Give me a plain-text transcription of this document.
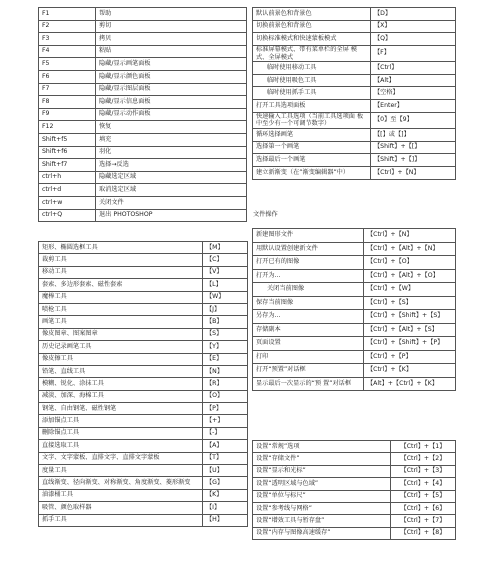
F1	帮助
F2	剪切
F3	拷贝
F4	粘贴
F5	隐藏/显示画笔面板
F6	隐藏/显示颜色面板
F7	隐藏/显示图层面板
F8	隐藏/显示信息面板
F9	隐藏/显示动作面板
F12	恢复
Shift+f5	填充
Shift+f6	羽化
Shift+f7	选择→反选
ctrl+h	隐藏选定区域
ctrl+d	取消选定区域
ctrl+w	关闭文件
ctrl+Q	退出 PHOTOSHOP
矩形、椭圆选框工具	【M】
裁剪工具	【C】
移动工具	【V】
套索、多边形套索、磁性套索	【L】
魔棒工具	【W】
喷枪工具	【J】
画笔工具	【B】
像皮图章、图案图章	【S】
历史记录画笔工具	【Y】
像皮擦工具	【E】
铅笔、直线工具	【N】
模糊、锐化、涂抹工具	【R】
减淡、加深、海棉工具	【O】
钢笔、自由钢笔、磁性钢笔	【P】
添加锚点工具	【+】
删除锚点工具	【-】
直接选取工具	【A】
文字、文字蒙板、直排文字、直排文字蒙板	【T】
度量工具	【U】
直线渐变、径向渐变、对称渐变、角度渐变、菱形渐变	【G】
油漆桶工具	【K】
吸管、颜色取样器	【I】
抓手工具	【H】
默认前景色和背景色	【D】
切换前景色和背景色	【X】
切换标准模式和快速蒙板模式	【Q】
标准屏幕模式、带有菜单栏的全屏 模式、全屏模式	【F】
临时使用移动工具	【Ctrl】
临时使用吸色工具	【Alt】
临时使用抓手工具	【空格】
打开工具选项面板	【Enter】
快速输入工具选项（当前工具选项面 板中至少有一个可调节数字）	【0】至【9】
循环选择画笔	【[】或【]】
选择第一个画笔	【Shift】+【[】
选择最后一个画笔	【Shift】+【]】
建立新渐变（在”渐变编辑器”中）	【Ctrl】+【N】
文件操作
新建图形文件	【Ctrl】+【N】
用默认设置创建新文件	【Ctrl】+【Alt】+【N】
打开已有的图像	【Ctrl】+【O】
打开为…	【Ctrl】+【Alt】+【O】
关闭当前图像	【Ctrl】+【W】
保存当前图像	【Ctrl】+【S】
另存为…	【Ctrl】+【Shift】+【S】
存储副本	【Ctrl】+【Alt】+【S】
页面设置	【Ctrl】+【Shift】+【P】
打印	【Ctrl】+【P】
打开“预置”对话框	【Ctrl】+【K】
显示最后一次显示的“预 置”对话框	【Alt】+【Ctrl】+【K】
设置“常规”选项	【Ctrl】+【1】
设置“存储文件”	【Ctrl】+【2】
设置“显示和光标”	【Ctrl】+【3】
设置“透明区域与色域”	【Ctrl】+【4】
设置“单位与标尺”	【Ctrl】+【5】
设置“参考线与网格”	【Ctrl】+【6】
设置“增效工具与暂存盘”	【Ctrl】+【7】
设置“内存与图像高速缓存”	【Ctrl】+【8】
